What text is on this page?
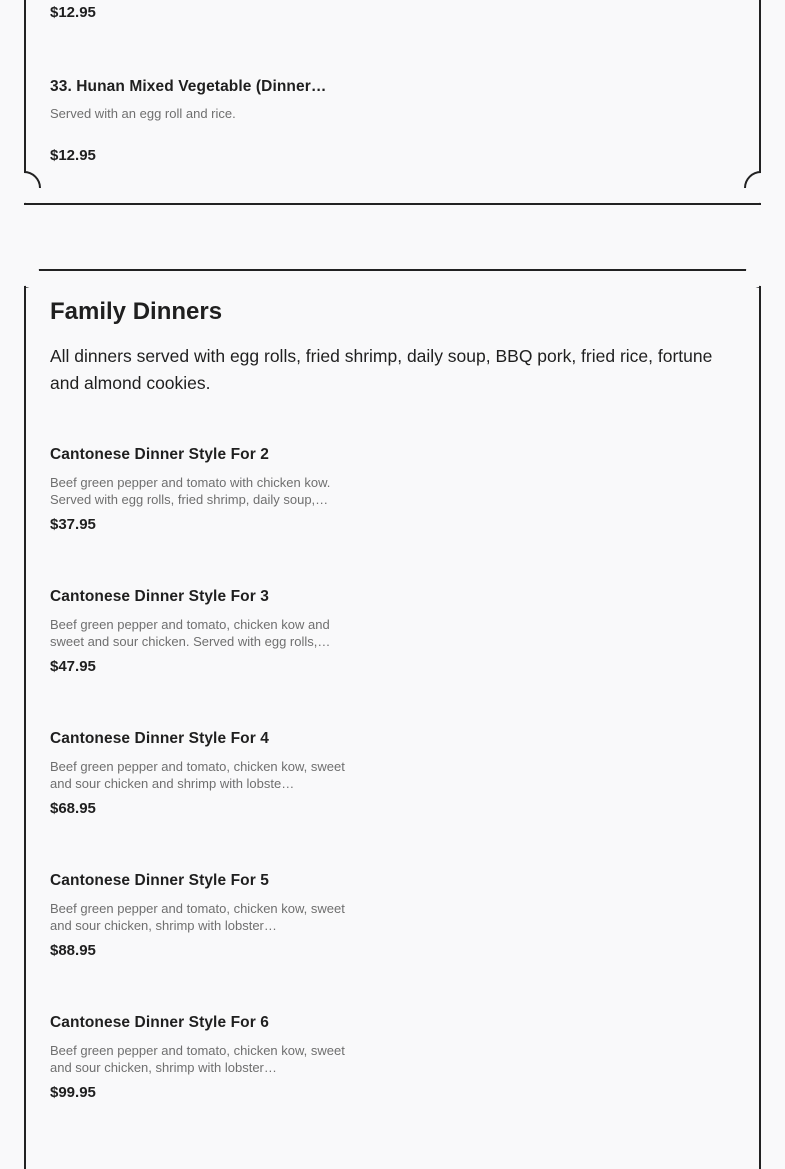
$12.95
33. Hunan Mixed Vegetable (Dinner…
Served with an egg roll and rice.
$12.95
Family Dinners
All dinners served with egg rolls, fried shrimp, daily soup, BBQ pork, fried rice, fortune and almond cookies.
Cantonese Dinner Style For 2
Beef green pepper and tomato with chicken kow. Served with egg rolls, fried shrimp, daily soup,…
$37.95
Cantonese Dinner Style For 3
Beef green pepper and tomato, chicken kow and sweet and sour chicken. Served with egg rolls,…
$47.95
Cantonese Dinner Style For 4
Beef green pepper and tomato, chicken kow, sweet and sour chicken and shrimp with lobste…
$68.95
Cantonese Dinner Style For 5
Beef green pepper and tomato, chicken kow, sweet and sour chicken, shrimp with lobster…
$88.95
Cantonese Dinner Style For 6
Beef green pepper and tomato, chicken kow, sweet and sour chicken, shrimp with lobster…
$99.95
